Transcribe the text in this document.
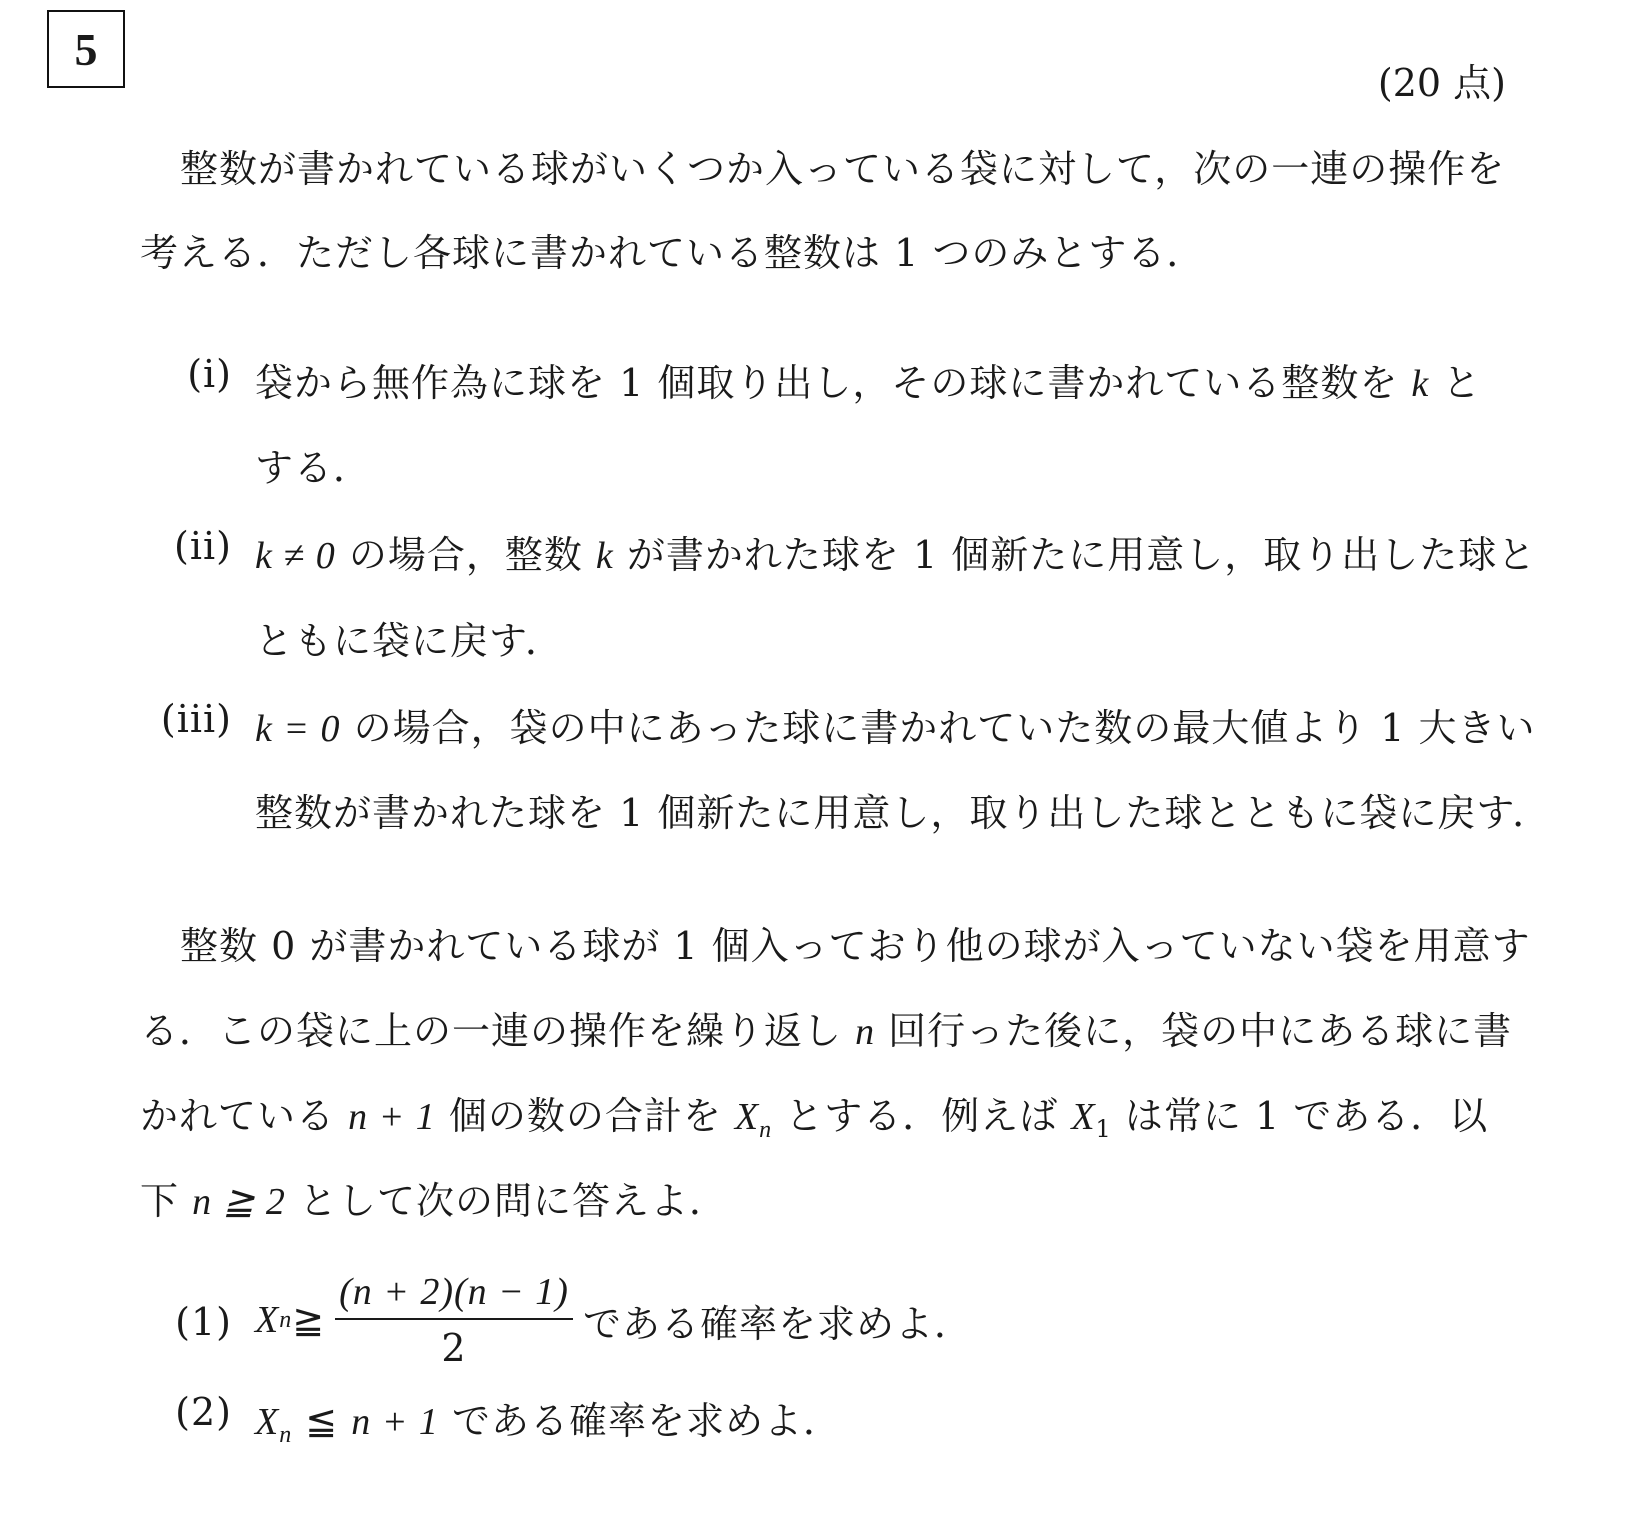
5
(20 点)
整数が書かれている球がいくつか入っている袋に対して，次の一連の操作を
考える．ただし各球に書かれている整数は 1 つのみとする．
(i) 袋から無作為に球を 1 個取り出し，その球に書かれている整数を k と
する．
(ii) k ≠ 0 の場合，整数 k が書かれた球を 1 個新たに用意し，取り出した球と
ともに袋に戻す．
(iii) k = 0 の場合，袋の中にあった球に書かれていた数の最大値より 1 大きい
整数が書かれた球を 1 個新たに用意し，取り出した球とともに袋に戻す．
整数 0 が書かれている球が 1 個入っており他の球が入っていない袋を用意す
る．この袋に上の一連の操作を繰り返し n 回行った後に，袋の中にある球に書
かれている n + 1 個の数の合計を $X_n$ とする．例えば $X_1$ は常に 1 である．以
下 n ≧ 2 として次の問に答えよ．
(1) X n ≧ $\frac{(n + 2)(n - 1)}{2}$ である確率を求めよ．
(2) $X_n$ ≦ n + 1 である確率を求めよ．
